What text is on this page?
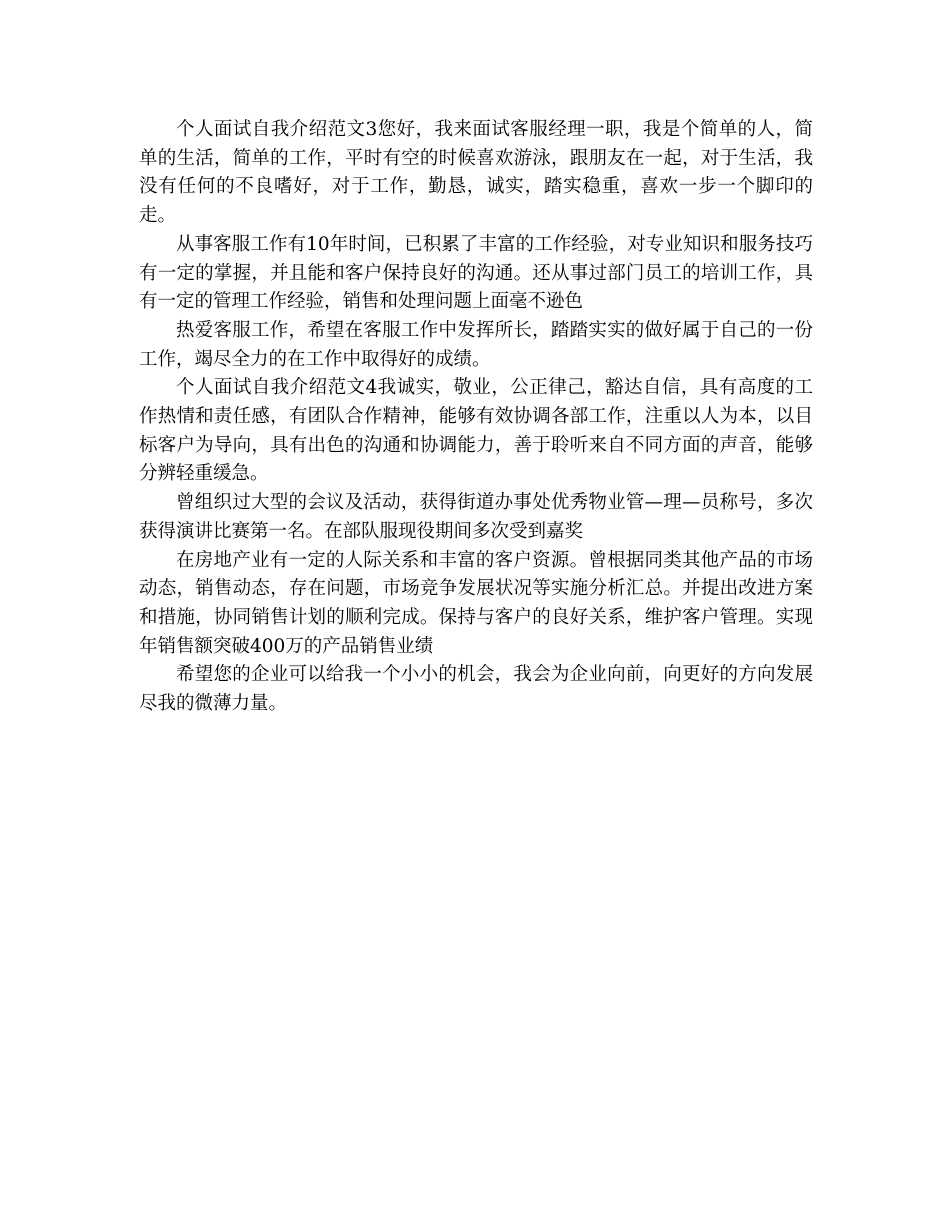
个人面试自我介绍范文3您好，我来面试客服经理一职，我是个简单的人，简单的生活，简单的工作，平时有空的时候喜欢游泳，跟朋友在一起，对于生活，我没有任何的不良嗜好，对于工作，勤恳，诚实，踏实稳重，喜欢一步一个脚印的走。

从事客服工作有10年时间，已积累了丰富的工作经验，对专业知识和服务技巧有一定的掌握，并且能和客户保持良好的沟通。还从事过部门员工的培训工作，具有一定的管理工作经验，销售和处理问题上面毫不逊色

热爱客服工作，希望在客服工作中发挥所长，踏踏实实的做好属于自己的一份工作，竭尽全力的在工作中取得好的成绩。

个人面试自我介绍范文4我诚实，敬业，公正律己，豁达自信，具有高度的工作热情和责任感，有团队合作精神，能够有效协调各部工作，注重以人为本，以目标客户为导向，具有出色的沟通和协调能力，善于聆听来自不同方面的声音，能够分辨轻重缓急。

曾组织过大型的会议及活动，获得街道办事处优秀物业管—理—员称号，多次获得演讲比赛第一名。在部队服现役期间多次受到嘉奖

在房地产业有一定的人际关系和丰富的客户资源。曾根据同类其他产品的市场动态，销售动态，存在问题，市场竞争发展状况等实施分析汇总。并提出改进方案和措施，协同销售计划的顺利完成。保持与客户的良好关系，维护客户管理。实现年销售额突破400万的产品销售业绩

希望您的企业可以给我一个小小的机会，我会为企业向前，向更好的方向发展尽我的微薄力量。
